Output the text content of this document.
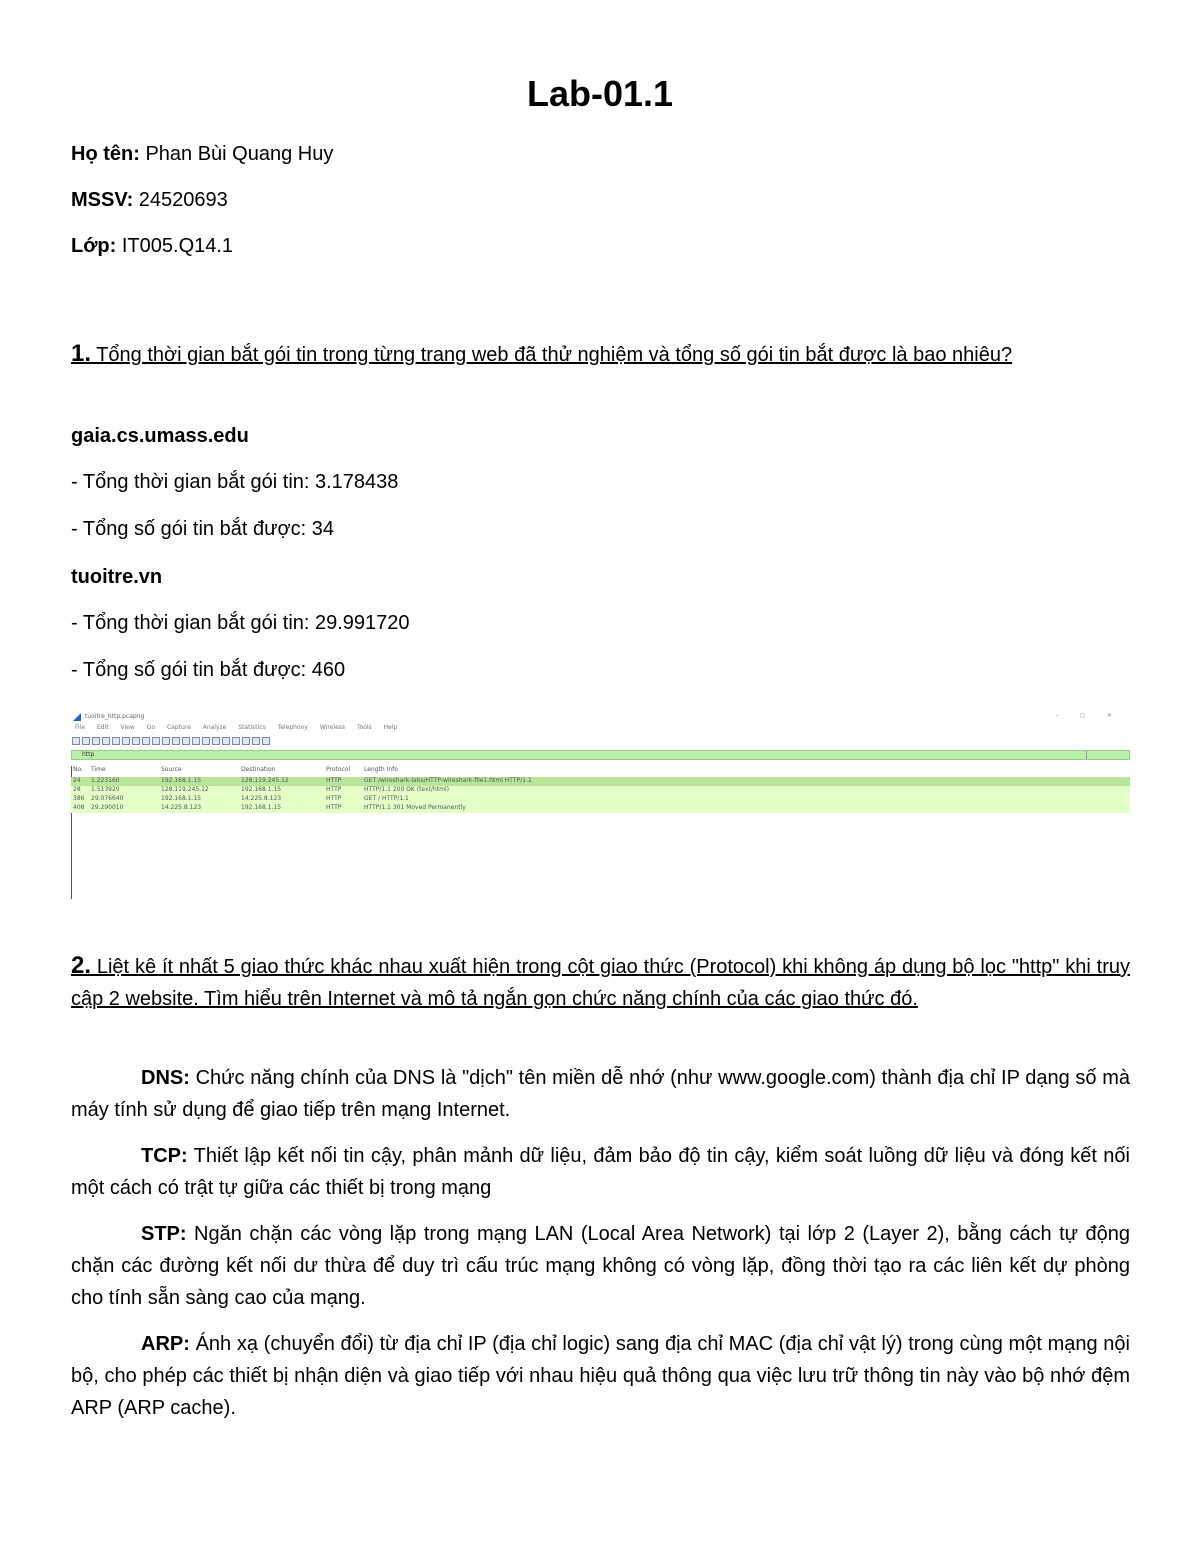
Lab-01.1
Họ tên: Phan Bùi Quang Huy
MSSV: 24520693
Lớp: IT005.Q14.1
1. Tổng thời gian bắt gói tin trong từng trang web đã thử nghiệm và tổng số gói tin bắt được là bao nhiêu?
gaia.cs.umass.edu
- Tổng thời gian bắt gói tin: 3.178438
- Tổng số gói tin bắt được: 34
tuoitre.vn
- Tổng thời gian bắt gói tin: 29.991720
- Tổng số gói tin bắt được: 460
tuoitre_http.pcapng	– ◻ ✕
File Edit View Go Capture Analyze Statistics Telephony Wireless Tools Help
http
No. Time	Source	Destination	Protocol Length Info
24 1.223160	192.168.1.15	128.119.245.12	HTTP	GET /wireshark-labs/HTTP-wireshark-file1.html HTTP/1.1
28 1.513920	128.119.245.12	192.168.1.15	HTTP	HTTP/1.1 200 OK (text/html)
386 29.076640	192.168.1.15	14.225.8.123	HTTP	GET / HTTP/1.1
408 29.290010	14.225.8.123	192.168.1.15	HTTP	HTTP/1.1 301 Moved Permanently
2. Liệt kê ít nhất 5 giao thức khác nhau xuất hiện trong cột giao thức (Protocol) khi không áp dụng bộ lọc "http" khi truy cập 2 website. Tìm hiểu trên Internet và mô tả ngắn gọn chức năng chính của các giao thức đó.
DNS: Chức năng chính của DNS là "dịch" tên miền dễ nhớ (như www.google.com) thành địa chỉ IP dạng số mà máy tính sử dụng để giao tiếp trên mạng Internet.
TCP: Thiết lập kết nối tin cậy, phân mảnh dữ liệu, đảm bảo độ tin cậy, kiểm soát luồng dữ liệu và đóng kết nối một cách có trật tự giữa các thiết bị trong mạng
STP: Ngăn chặn các vòng lặp trong mạng LAN (Local Area Network) tại lớp 2 (Layer 2), bằng cách tự động chặn các đường kết nối dư thừa để duy trì cấu trúc mạng không có vòng lặp, đồng thời tạo ra các liên kết dự phòng cho tính sẵn sàng cao của mạng.
ARP: Ánh xạ (chuyển đổi) từ địa chỉ IP (địa chỉ logic) sang địa chỉ MAC (địa chỉ vật lý) trong cùng một mạng nội bộ, cho phép các thiết bị nhận diện và giao tiếp với nhau hiệu quả thông qua việc lưu trữ thông tin này vào bộ nhớ đệm ARP (ARP cache).
